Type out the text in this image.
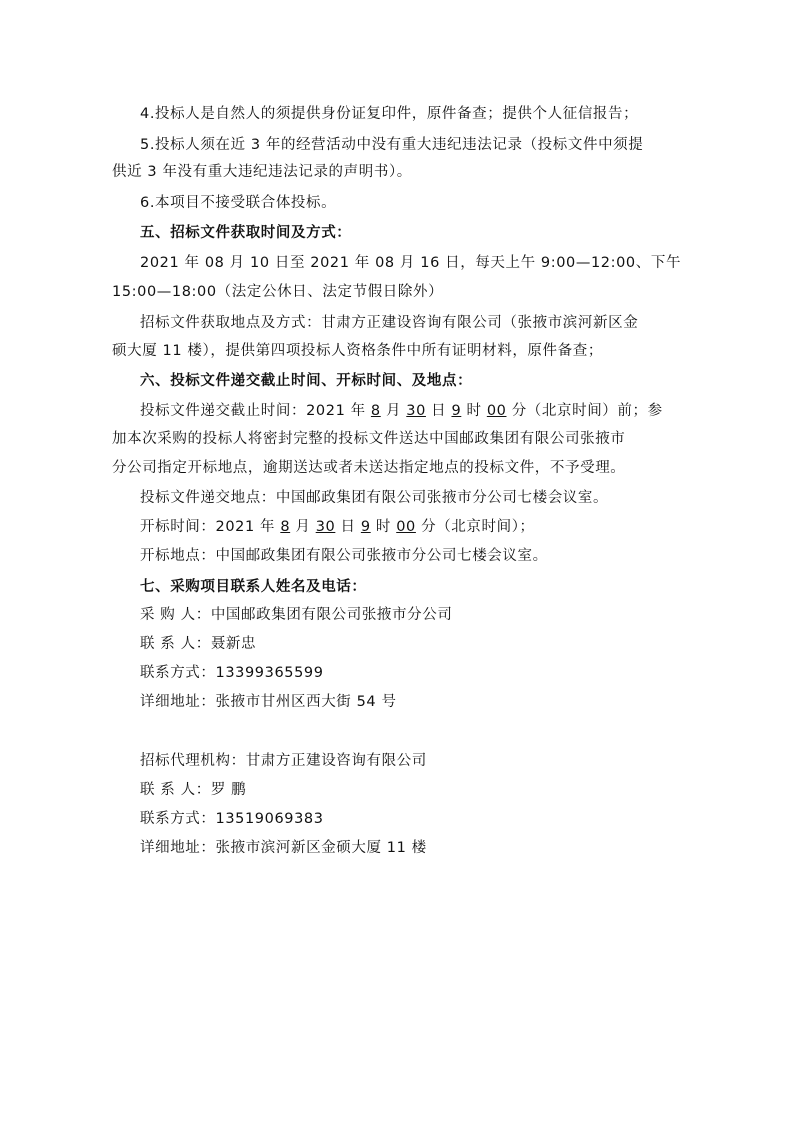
4.投标人是自然人的须提供身份证复印件，原件备查；提供个人征信报告；
5.投标人须在近 3 年的经营活动中没有重大违纪违法记录（投标文件中须提
供近 3 年没有重大违纪违法记录的声明书）。
6.本项目不接受联合体投标。
五、招标文件获取时间及方式：
2021 年 08 月 10 日至 2021 年 08 月 16 日，每天上午 9:00—12:00、下午
15:00—18:00（法定公休日、法定节假日除外）
招标文件获取地点及方式：甘肃方正建设咨询有限公司（张掖市滨河新区金
硕大厦 11 楼），提供第四项投标人资格条件中所有证明材料，原件备查；
六、投标文件递交截止时间、开标时间、及地点：
投标文件递交截止时间：2021 年 8 月 30 日 9 时 00 分（北京时间）前；参
加本次采购的投标人将密封完整的投标文件送达中国邮政集团有限公司张掖市
分公司指定开标地点，逾期送达或者未送达指定地点的投标文件，不予受理。
投标文件递交地点：中国邮政集团有限公司张掖市分公司七楼会议室。
开标时间：2021 年 8 月 30 日 9 时 00 分（北京时间）；
开标地点：中国邮政集团有限公司张掖市分公司七楼会议室。
七、采购项目联系人姓名及电话：
采 购 人：中国邮政集团有限公司张掖市分公司
联 系 人：聂新忠
联系方式：13399365599
详细地址：张掖市甘州区西大街 54 号
招标代理机构：甘肃方正建设咨询有限公司
联 系 人：罗 鹏
联系方式：13519069383
详细地址：张掖市滨河新区金硕大厦 11 楼
